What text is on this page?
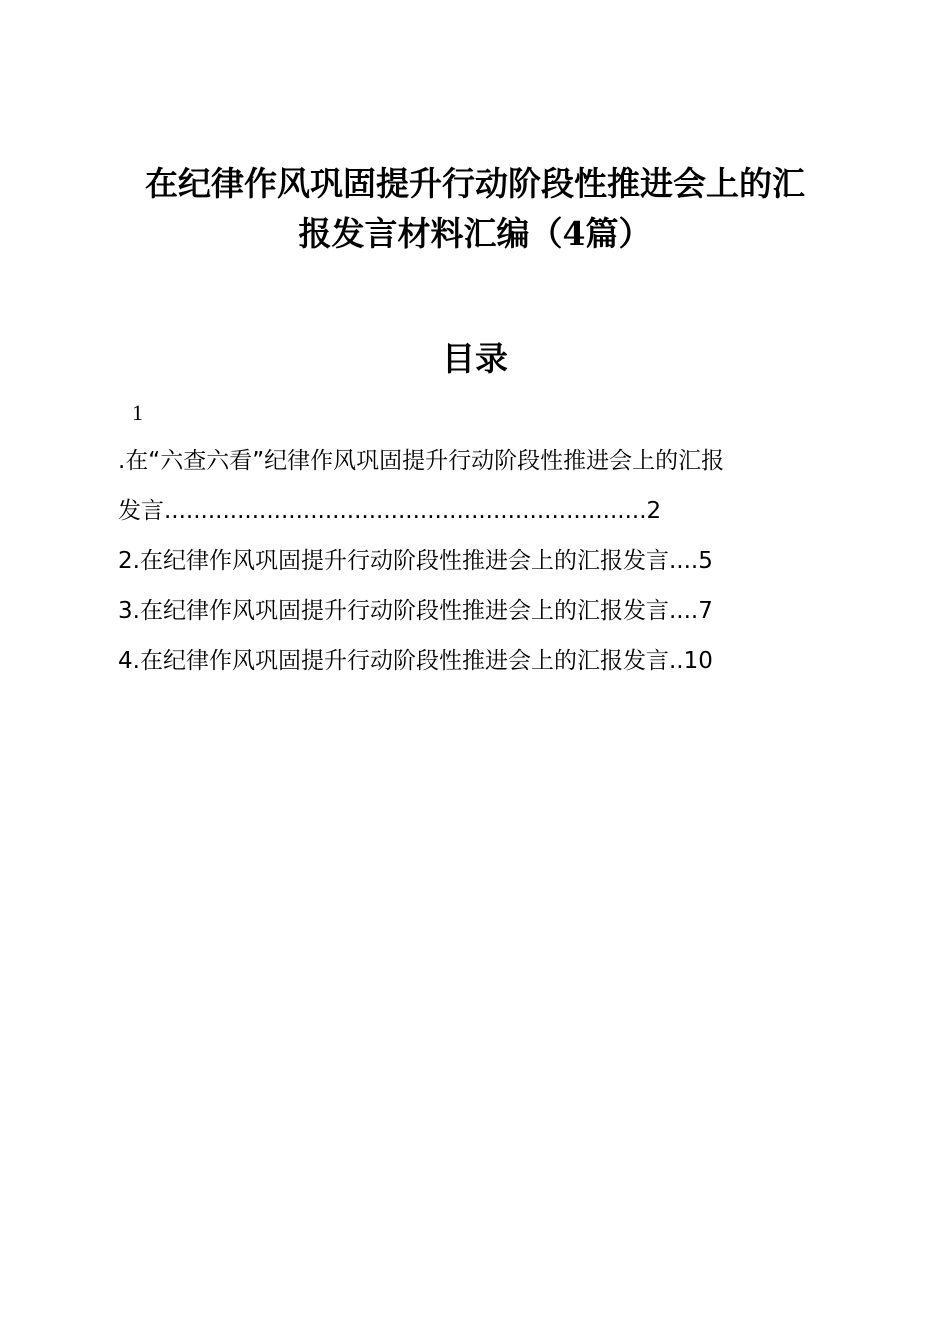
在纪律作风巩固提升行动阶段性推进会上的汇
报发言材料汇编（4篇）
目录
1
.在“六查六看”纪律作风巩固提升行动阶段性推进会上的汇报
发言..................................................................2
2.在纪律作风巩固提升行动阶段性推进会上的汇报发言....5
3.在纪律作风巩固提升行动阶段性推进会上的汇报发言....7
4.在纪律作风巩固提升行动阶段性推进会上的汇报发言..10
